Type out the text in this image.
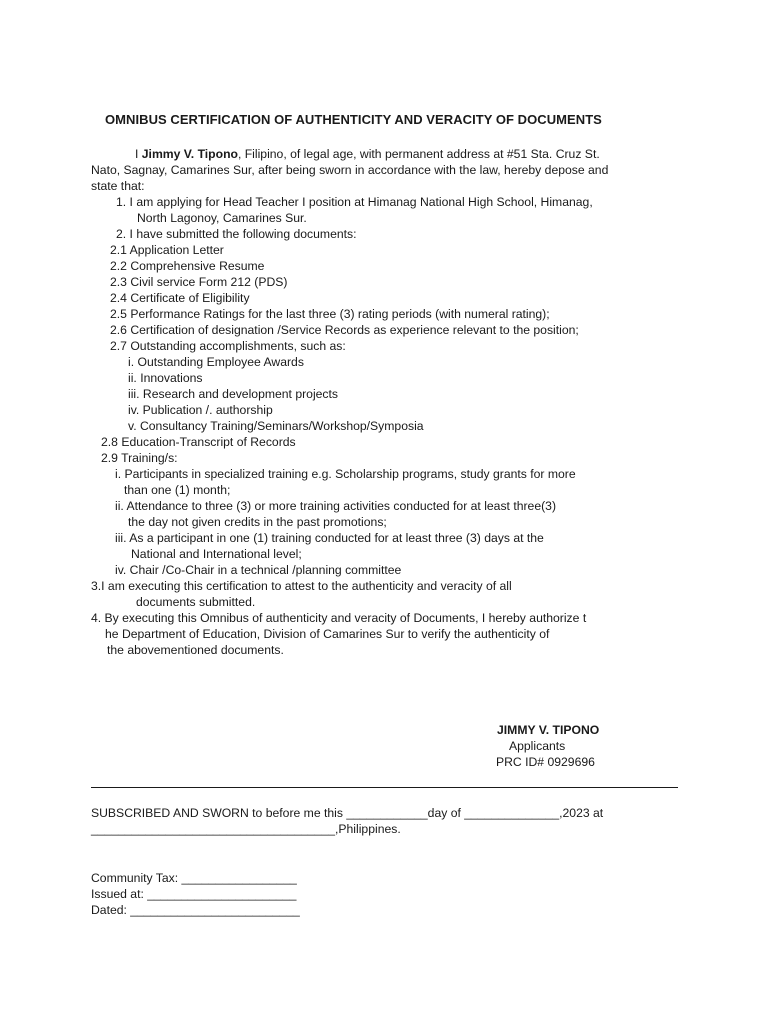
OMNIBUS CERTIFICATION OF AUTHENTICITY AND VERACITY OF DOCUMENTS
I Jimmy V. Tipono, Filipino, of legal age, with permanent address at #51 Sta. Cruz St.
Nato, Sagnay, Camarines Sur, after being sworn in accordance with the law, hereby depose and
state that:
1. I am applying for Head Teacher I position at Himanag National High School, Himanag,
North Lagonoy, Camarines Sur.
2. I have submitted the following documents:
2.1 Application Letter
2.2 Comprehensive Resume
2.3 Civil service Form 212 (PDS)
2.4 Certificate of Eligibility
2.5 Performance Ratings for the last three (3) rating periods (with numeral rating);
2.6 Certification of designation /Service Records as experience relevant to the position;
2.7 Outstanding accomplishments, such as:
i. Outstanding Employee Awards
ii. Innovations
iii. Research and development projects
iv. Publication /. authorship
v. Consultancy Training/Seminars/Workshop/Symposia
2.8 Education-Transcript of Records
2.9 Training/s:
i. Participants in specialized training e.g. Scholarship programs, study grants for more
than one (1) month;
ii. Attendance to three (3) or more training activities conducted for at least three(3)
the day not given credits in the past promotions;
iii. As a participant in one (1) training conducted for at least three (3) days at the
National and International level;
iv. Chair /Co-Chair in a technical /planning committee
3.I am executing this certification to attest to the authenticity and veracity of all
documents submitted.
4. By executing this Omnibus of authenticity and veracity of Documents, I hereby authorize t
he Department of Education, Division of Camarines Sur to verify the authenticity of
the abovementioned documents.
JIMMY V. TIPONO
Applicants
PRC ID# 0929696
SUBSCRIBED AND SWORN to before me this ____________day of ______________,2023 at
____________________________________,Philippines.
Community Tax: _________________
Issued at: ______________________
Dated: _________________________
